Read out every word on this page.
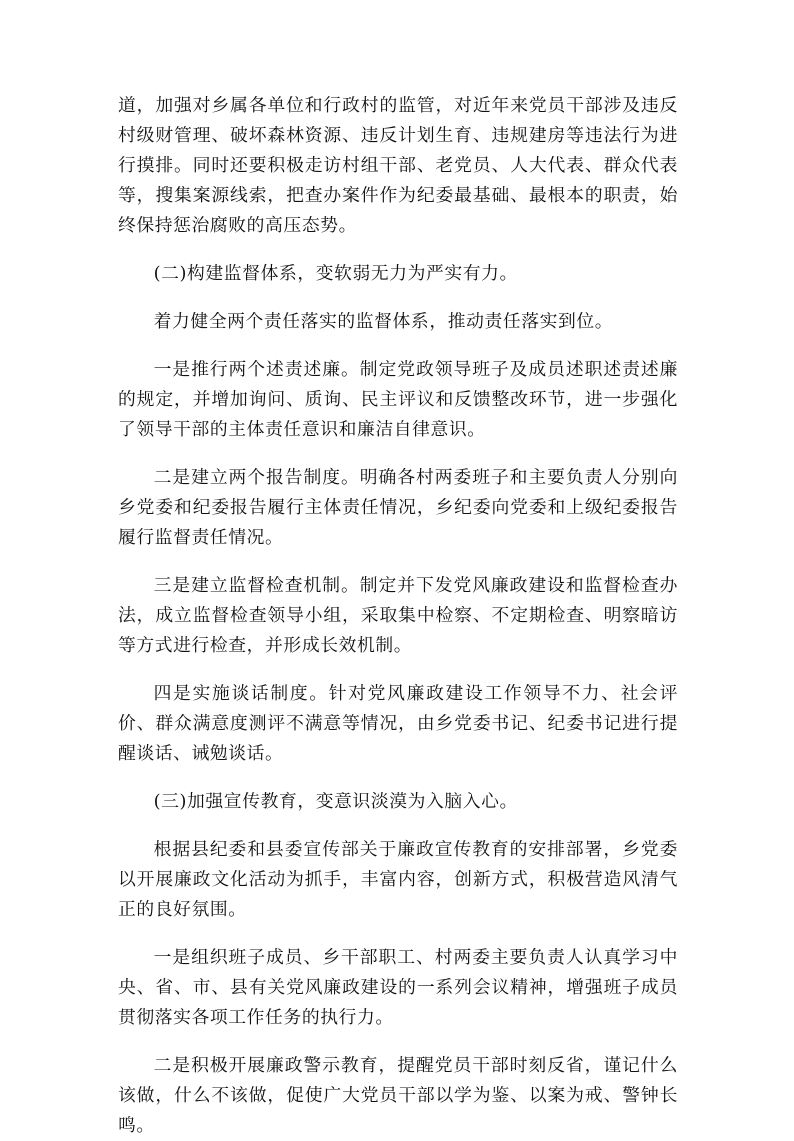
道，加强对乡属各单位和行政村的监管，对近年来党员干部涉及违反村级财管理、破坏森林资源、违反计划生育、违规建房等违法行为进行摸排。同时还要积极走访村组干部、老党员、人大代表、群众代表等，搜集案源线索，把查办案件作为纪委最基础、最根本的职责，始终保持惩治腐败的高压态势。

(二)构建监督体系，变软弱无力为严实有力。

着力健全两个责任落实的监督体系，推动责任落实到位。

一是推行两个述责述廉。制定党政领导班子及成员述职述责述廉的规定，并增加询问、质询、民主评议和反馈整改环节，进一步强化了领导干部的主体责任意识和廉洁自律意识。

二是建立两个报告制度。明确各村两委班子和主要负责人分别向乡党委和纪委报告履行主体责任情况，乡纪委向党委和上级纪委报告履行监督责任情况。

三是建立监督检查机制。制定并下发党风廉政建设和监督检查办法，成立监督检查领导小组，采取集中检察、不定期检查、明察暗访等方式进行检查，并形成长效机制。

四是实施谈话制度。针对党风廉政建设工作领导不力、社会评价、群众满意度测评不满意等情况，由乡党委书记、纪委书记进行提醒谈话、诫勉谈话。

(三)加强宣传教育，变意识淡漠为入脑入心。

根据县纪委和县委宣传部关于廉政宣传教育的安排部署，乡党委以开展廉政文化活动为抓手，丰富内容，创新方式，积极营造风清气正的良好氛围。

一是组织班子成员、乡干部职工、村两委主要负责人认真学习中央、省、市、县有关党风廉政建设的一系列会议精神，增强班子成员贯彻落实各项工作任务的执行力。

二是积极开展廉政警示教育，提醒党员干部时刻反省，谨记什么该做，什么不该做，促使广大党员干部以学为鉴、以案为戒、警钟长鸣。
